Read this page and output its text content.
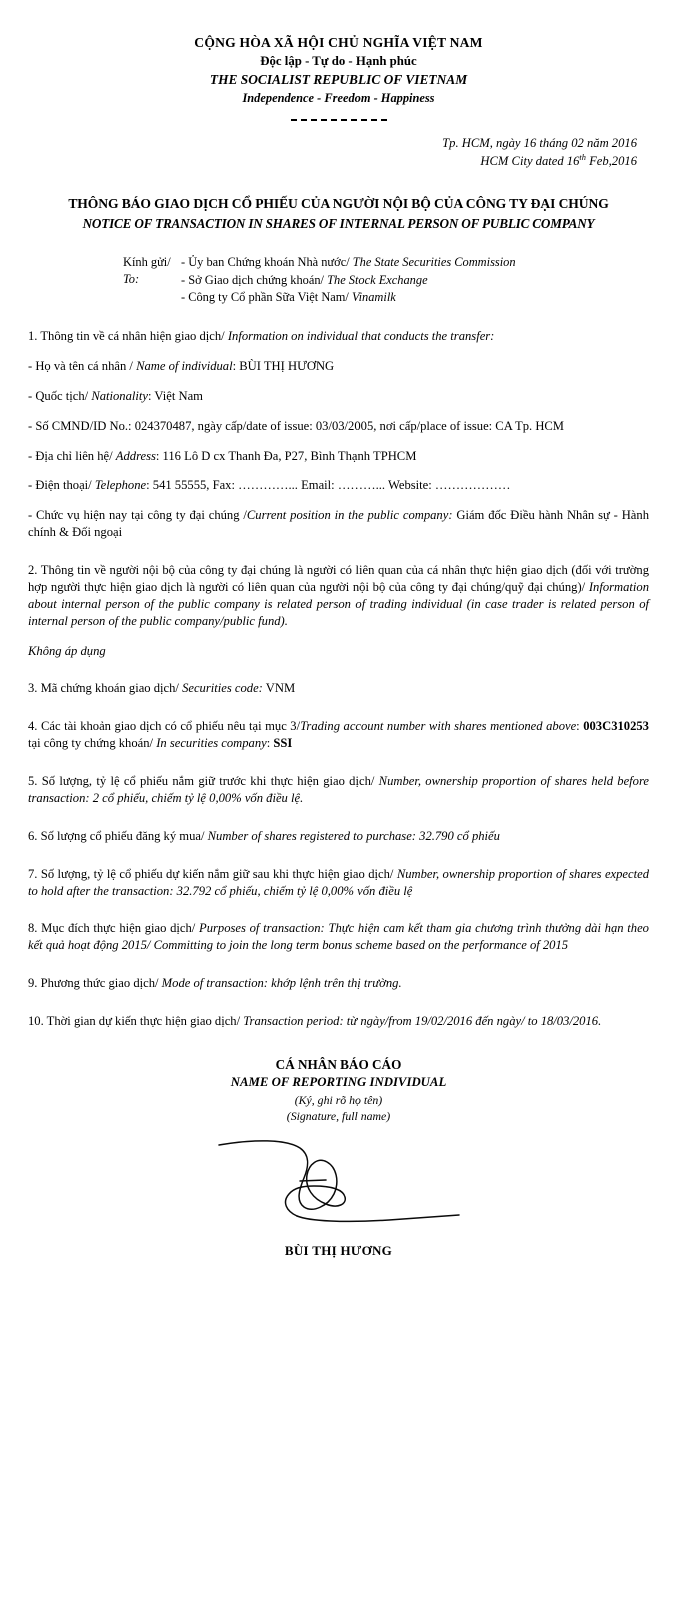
CỘNG HÒA XÃ HỘI CHỦ NGHĨA VIỆT NAM
Độc lập - Tự do - Hạnh phúc
THE SOCIALIST REPUBLIC OF VIETNAM
Independence - Freedom - Happiness
Tp. HCM, ngày 16 tháng 02 năm 2016
HCM City dated 16th Feb,2016
THÔNG BÁO GIAO DỊCH CỔ PHIẾU CỦA NGƯỜI NỘI BỘ CỦA CÔNG TY ĐẠI CHÚNG
NOTICE OF TRANSACTION IN SHARES OF INTERNAL PERSON OF PUBLIC COMPANY
Kính gửi/ To:
- Ủy ban Chứng khoán Nhà nước/ The State Securities Commission
- Sở Giao dịch chứng khoán/ The Stock Exchange
- Công ty Cổ phần Sữa Việt Nam/ Vinamilk
1. Thông tin về cá nhân hiện giao dịch/ Information on individual that conducts the transfer:
- Họ và tên cá nhân / Name of individual: BÙI THỊ HƯƠNG
- Quốc tịch/ Nationality: Việt Nam
- Số CMND/ID No.: 024370487, ngày cấp/date of issue: 03/03/2005, nơi cấp/place of issue: CA Tp. HCM
- Địa chỉ liên hệ/ Address: 116 Lô D cx Thanh Đa, P27, Bình Thạnh TPHCM
- Điện thoại/ Telephone: 541 55555, Fax: …………... Email: ………... Website: ………………
- Chức vụ hiện nay tại công ty đại chúng /Current position in the public company: Giám đốc Điều hành Nhân sự - Hành chính & Đối ngoại
2. Thông tin về người nội bộ của công ty đại chúng là người có liên quan của cá nhân thực hiện giao dịch (đối với trường hợp người thực hiện giao dịch là người có liên quan của người nội bộ của công ty đại chúng/quỹ đại chúng)/ Information about internal person of the public company is related person of trading individual (in case trader is related person of internal person of the public company/public fund).
Không áp dụng
3. Mã chứng khoán giao dịch/ Securities code: VNM
4. Các tài khoản giao dịch có cổ phiếu nêu tại mục 3/Trading account number with shares mentioned above: 003C310253 tại công ty chứng khoán/ In securities company: SSI
5. Số lượng, tỷ lệ cổ phiếu nắm giữ trước khi thực hiện giao dịch/ Number, ownership proportion of shares held before transaction: 2 cổ phiếu, chiếm tỷ lệ 0,00% vốn điều lệ.
6. Số lượng cổ phiếu đăng ký mua/ Number of shares registered to purchase: 32.790 cổ phiếu
7. Số lượng, tỷ lệ cổ phiếu dự kiến nắm giữ sau khi thực hiện giao dịch/ Number, ownership proportion of shares expected to hold after the transaction: 32.792 cổ phiếu, chiếm tỷ lệ 0,00% vốn điều lệ
8. Mục đích thực hiện giao dịch/ Purposes of transaction: Thực hiện cam kết tham gia chương trình thưởng dài hạn theo kết quả hoạt động 2015/ Committing to join the long term bonus scheme based on the performance of 2015
9. Phương thức giao dịch/ Mode of transaction: khớp lệnh trên thị trường.
10. Thời gian dự kiến thực hiện giao dịch/ Transaction period: từ ngày/from 19/02/2016 đến ngày/ to 18/03/2016.
CÁ NHÂN BÁO CÁO
NAME OF REPORTING INDIVIDUAL
(Ký, ghi rõ họ tên)
(Signature, full name)
BÙI THỊ HƯƠNG
